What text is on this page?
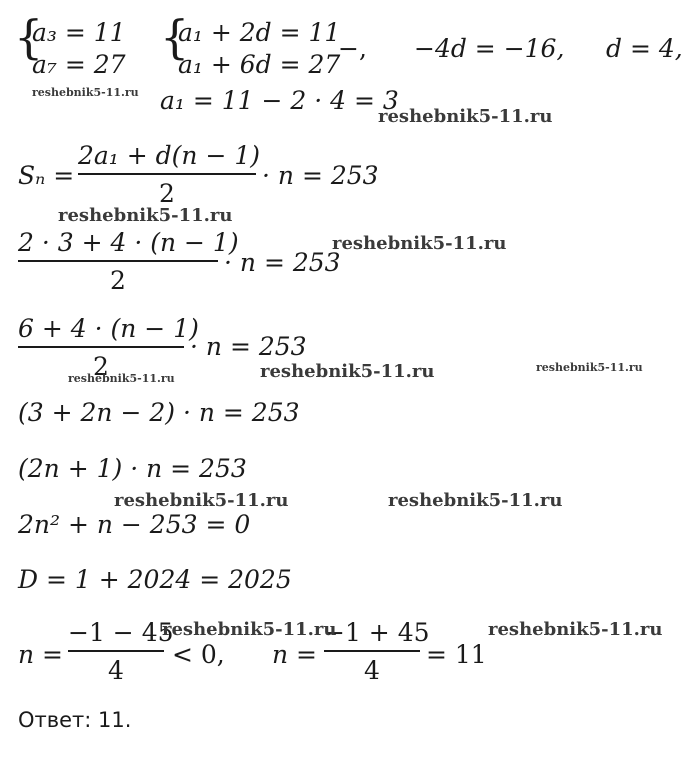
{
a₃ = 11
a₇ = 27
{
a₁ + 2d = 11
a₁ + 6d = 27
−, −4d = −16, d = 4,
a₁ = 11 − 2 · 4 = 3
Sₙ =
2a₁ + d(n − 1)
2
· n = 253
2 · 3 + 4 · (n − 1)
2
· n = 253
6 + 4 · (n − 1)
2
· n = 253
(3 + 2n − 2) · n = 253
(2n + 1) · n = 253
2n² + n − 253 = 0
D = 1 + 2024 = 2025
n =
−1 − 45
4
< 0, n =
−1 + 45
4
= 11
Ответ: 11.
reshebnik5-11.ru
reshebnik5-11.ru
reshebnik5-11.ru
reshebnik5-11.ru
reshebnik5-11.ru	reshebnik5-11.ru	reshebnik5-11.ru
reshebnik5-11.ru	reshebnik5-11.ru
reshebnik5-11.ru	reshebnik5-11.ru
